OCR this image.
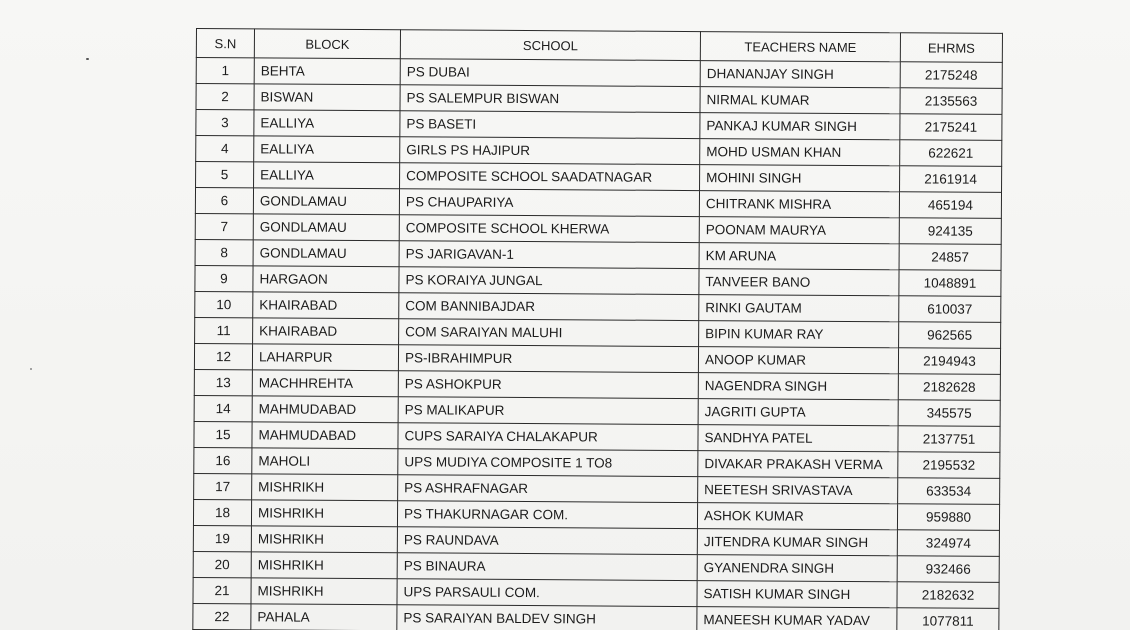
S.N	BLOCK	SCHOOL	TEACHERS NAME	EHRMS
1	BEHTA	PS DUBAI	DHANANJAY SINGH	2175248
2	BISWAN	PS SALEMPUR BISWAN	NIRMAL KUMAR	2135563
3	EALLIYA	PS BASETI	PANKAJ KUMAR SINGH	2175241
4	EALLIYA	GIRLS PS HAJIPUR	MOHD USMAN KHAN	622621
5	EALLIYA	COMPOSITE SCHOOL SAADATNAGAR	MOHINI SINGH	2161914
6	GONDLAMAU	PS CHAUPARIYA	CHITRANK MISHRA	465194
7	GONDLAMAU	COMPOSITE SCHOOL KHERWA	POONAM MAURYA	924135
8	GONDLAMAU	PS JARIGAVAN-1	KM ARUNA	24857
9	HARGAON	PS KORAIYA JUNGAL	TANVEER BANO	1048891
10	KHAIRABAD	COM BANNIBAJDAR	RINKI GAUTAM	610037
11	KHAIRABAD	COM SARAIYAN MALUHI	BIPIN KUMAR RAY	962565
12	LAHARPUR	PS-IBRAHIMPUR	ANOOP KUMAR	2194943
13	MACHHREHTA	PS ASHOKPUR	NAGENDRA SINGH	2182628
14	MAHMUDABAD	PS MALIKAPUR	JAGRITI GUPTA	345575
15	MAHMUDABAD	CUPS SARAIYA CHALAKAPUR	SANDHYA PATEL	2137751
16	MAHOLI	UPS MUDIYA COMPOSITE 1 TO8	DIVAKAR PRAKASH VERMA	2195532
17	MISHRIKH	PS ASHRAFNAGAR	NEETESH SRIVASTAVA	633534
18	MISHRIKH	PS THAKURNAGAR COM.	ASHOK KUMAR	959880
19	MISHRIKH	PS RAUNDAVA	JITENDRA KUMAR SINGH	324974
20	MISHRIKH	PS BINAURA	GYANENDRA SINGH	932466
21	MISHRIKH	UPS PARSAULI COM.	SATISH KUMAR SINGH	2182632
22	PAHALA	PS SARAIYAN BALDEV SINGH	MANEESH KUMAR YADAV	1077811
